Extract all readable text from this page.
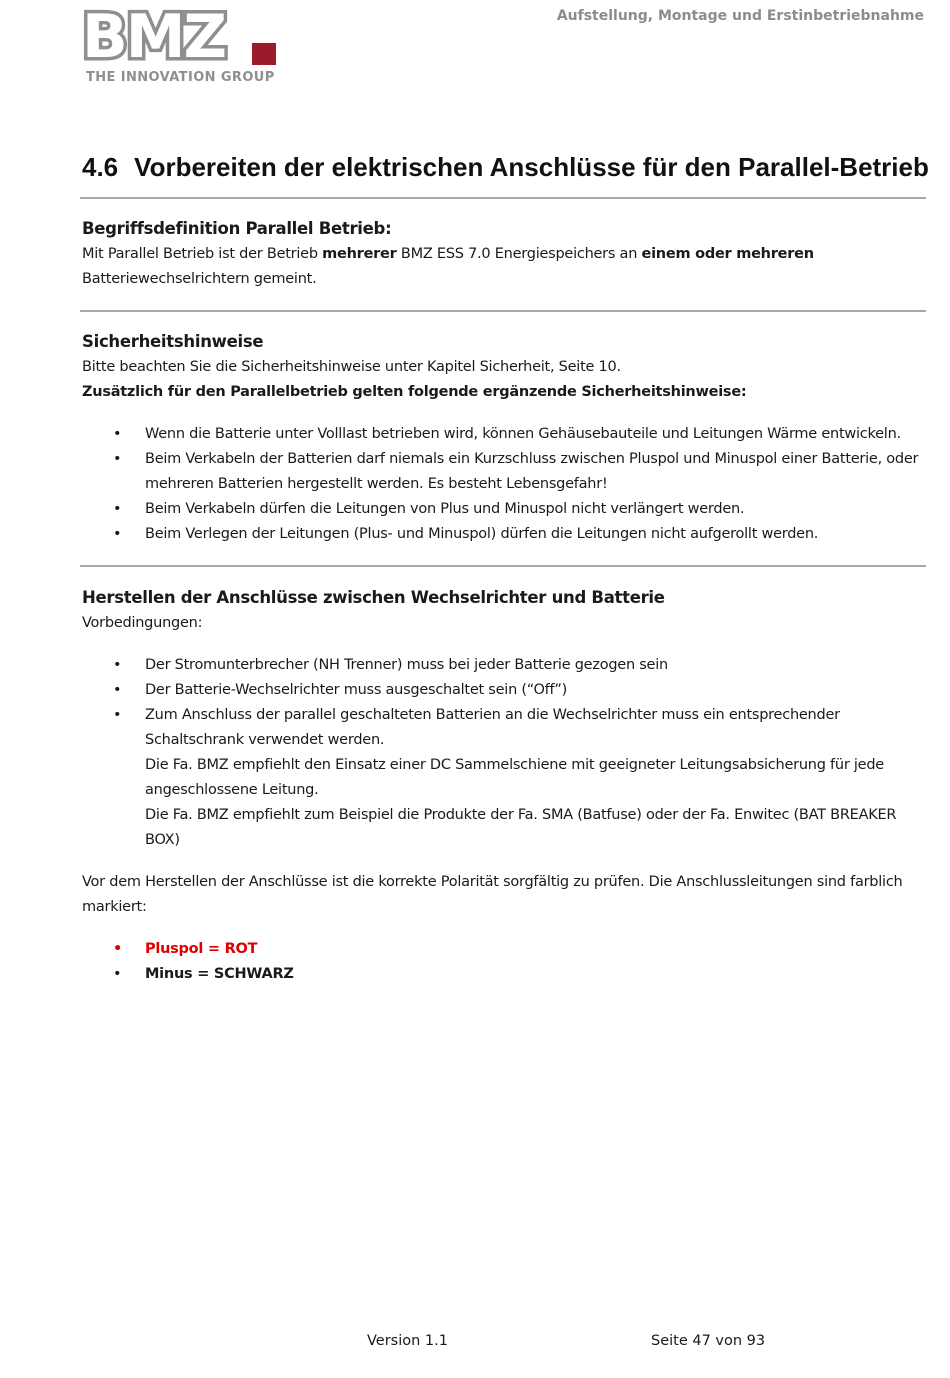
BMZ
THE INNOVATION GROUP
Aufstellung, Montage und Erstinbetriebnahme
4.6 Vorbereiten der elektrischen Anschlüsse für den Parallel-Betrieb
Begriffsdefinition Parallel Betrieb:

Mit Parallel Betrieb ist der Betrieb mehrerer BMZ ESS 7.0 Energiespeichers an einem oder mehreren
Batteriewechselrichtern gemeint.

Sicherheitshinweise

Bitte beachten Sie die Sicherheitshinweise unter Kapitel Sicherheit, Seite 10.

Zusätzlich für den Parallelbetrieb gelten folgende ergänzende Sicherheitshinweise:

• Wenn die Batterie unter Volllast betrieben wird, können Gehäusebauteile und Leitungen Wärme entwickeln.
• Beim Verkabeln der Batterien darf niemals ein Kurzschluss zwischen Pluspol und Minuspol einer Batterie, oder mehreren Batterien hergestellt werden. Es besteht Lebensgefahr!
• Beim Verkabeln dürfen die Leitungen von Plus und Minuspol nicht verlängert werden.
• Beim Verlegen der Leitungen (Plus- und Minuspol) dürfen die Leitungen nicht aufgerollt werden.
Herstellen der Anschlüsse zwischen Wechselrichter und Batterie

Vorbedingungen:

• Der Stromunterbrecher (NH Trenner) muss bei jeder Batterie gezogen sein
• Der Batterie-Wechselrichter muss ausgeschaltet sein (“Off”)
• Zum Anschluss der parallel geschalteten Batterien an die Wechselrichter muss ein entsprechender Schaltschrank verwendet werden.
Die Fa. BMZ empfiehlt den Einsatz einer DC Sammelschiene mit geeigneter Leitungsabsicherung für jede angeschlossene Leitung.
Die Fa. BMZ empfiehlt zum Beispiel die Produkte der Fa. SMA (Batfuse) oder der Fa. Enwitec (BAT BREAKER BOX)

Vor dem Herstellen der Anschlüsse ist die korrekte Polarität sorgfältig zu prüfen. Die Anschlussleitungen sind farblich markiert:

• Pluspol = ROT
• Minus = SCHWARZ
Version 1.1	Seite 47 von 93
